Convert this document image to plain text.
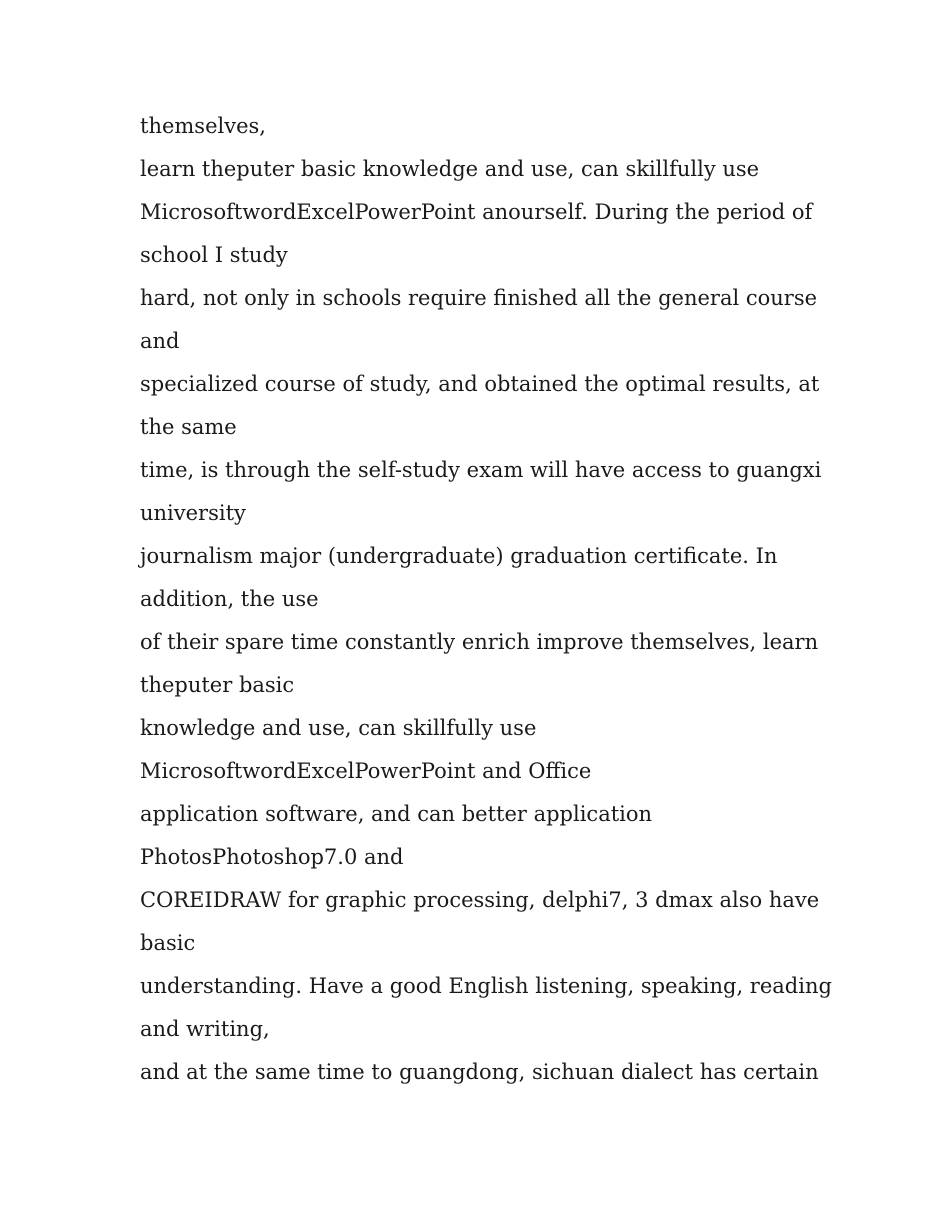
themselves,
learn theputer basic knowledge and use, can skillfully use
MicrosoftwordExcelPowerPoint anourself. During the period of
school I study
hard, not only in schools require finished all the general course
and
specialized course of study, and obtained the optimal results, at
the same
time, is through the self-study exam will have access to guangxi
university
journalism major (undergraduate) graduation certificate. In
addition, the use
of their spare time constantly enrich improve themselves, learn
theputer basic
knowledge and use, can skillfully use
MicrosoftwordExcelPowerPoint and Office
application software, and can better application
PhotosPhotoshop7.0 and
COREIDRAW for graphic processing, delphi7, 3 dmax also have
basic
understanding. Have a good English listening, speaking, reading
and writing,
and at the same time to guangdong, sichuan dialect has certain
